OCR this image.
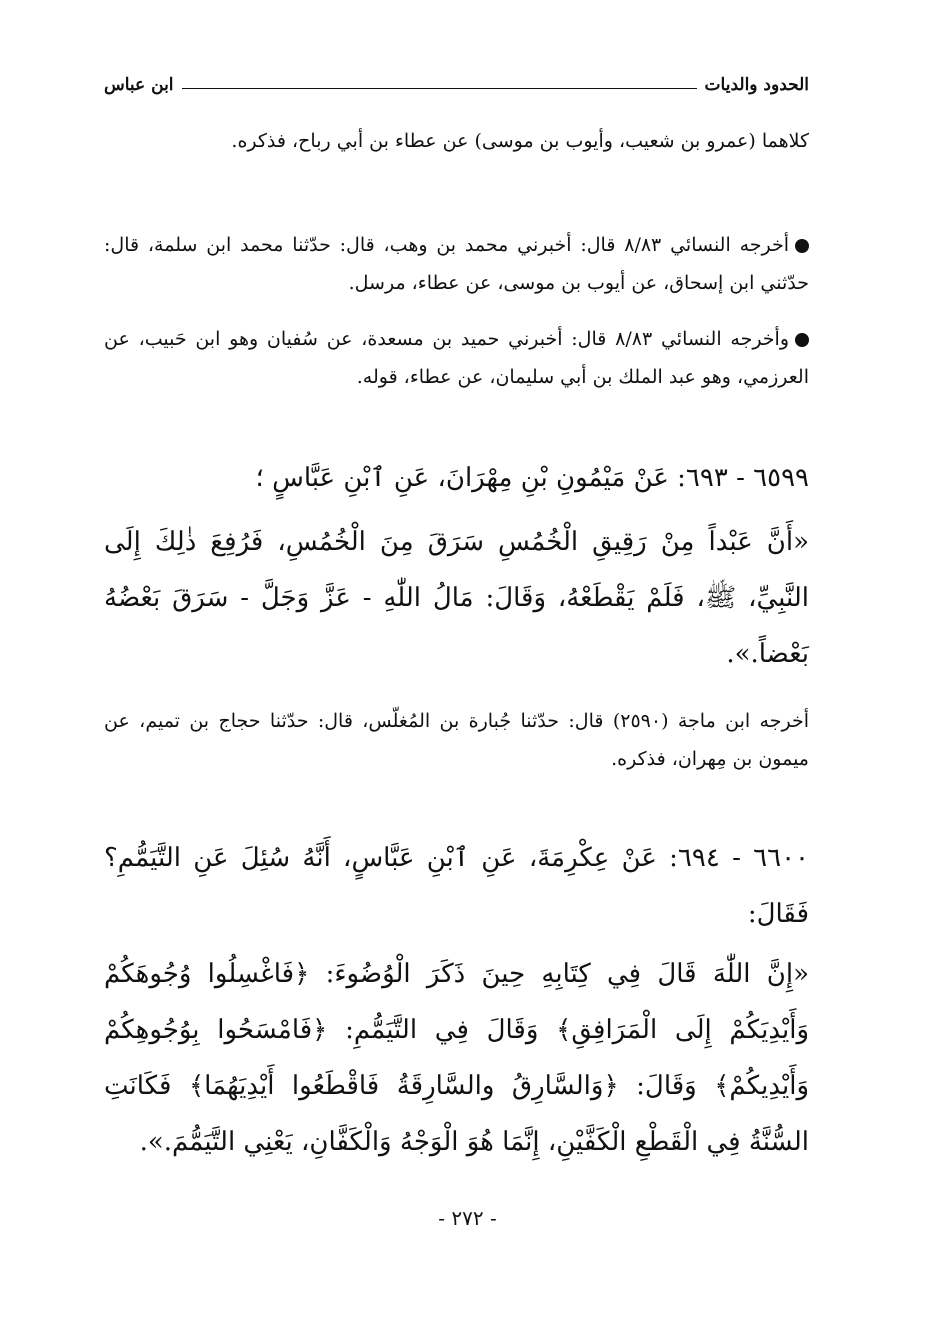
الحدود والديات
ابن عباس
كلاهما (عمرو بن شعيب، وأيوب بن موسى) عن عطاء بن أبي رباح، فذكره.
أخرجه النسائي ٨/٨٣ قال: أخبرني محمد بن وهب، قال: حدّثنا محمد ابن سلمة، قال: حدّثني ابن إسحاق، عن أيوب بن موسى، عن عطاء، مرسل.
وأخرجه النسائي ٨/٨٣ قال: أخبرني حميد بن مسعدة، عن سُفيان وهو ابن حَبيب، عن العرزمي، وهو عبد الملك بن أبي سليمان، عن عطاء، قوله.
٦٥٩٩ - ٦٩٣: عَنْ مَيْمُونِ بْنِ مِهْرَانَ، عَنِ ٱبْنِ عَبَّاسٍ ؛
«أَنَّ عَبْداً مِنْ رَقِيقِ الْخُمُسِ سَرَقَ مِنَ الْخُمُسِ، فَرُفِعَ ذٰلِكَ إِلَى النَّبِيِّ، ﷺ، فَلَمْ يَقْطَعْهُ، وَقَالَ: مَالُ اللّٰهِ - عَزَّ وَجَلَّ - سَرَقَ بَعْضُهُ بَعْضاً.».
أخرجه ابن ماجة (٢٥٩٠) قال: حدّثنا جُبارة بن المُغلّس، قال: حدّثنا حجاج بن تميم، عن ميمون بن مِهران، فذكره.
٦٦٠٠ - ٦٩٤: عَنْ عِكْرِمَةَ، عَنِ ٱبْنِ عَبَّاسٍ، أَنَّهُ سُئِلَ عَنِ التَّيَمُّمِ؟ فَقَالَ:
«إِنَّ اللّٰهَ قَالَ فِي كِتَابِهِ حِينَ ذَكَرَ الْوُضُوءَ: ﴿فَاغْسِلُوا وُجُوهَكُمْ وَأَيْدِيَكُمْ إِلَى الْمَرَافِقِ﴾ وَقَالَ فِي التَّيَمُّمِ: ﴿فَامْسَحُوا بِوُجُوهِكُمْ وَأَيْدِيكُمْ﴾ وَقَالَ: ﴿وَالسَّارِقُ والسَّارِقَةُ فَاقْطَعُوا أَيْدِيَهُمَا﴾ فَكَانَتِ السُّنَّةُ فِي الْقَطْعِ الْكَفَّيْنِ، إِنَّمَا هُوَ الْوَجْهُ وَالْكَفَّانِ، يَعْنِي التَّيَمُّمَ.».
- ٢٧٢ -
